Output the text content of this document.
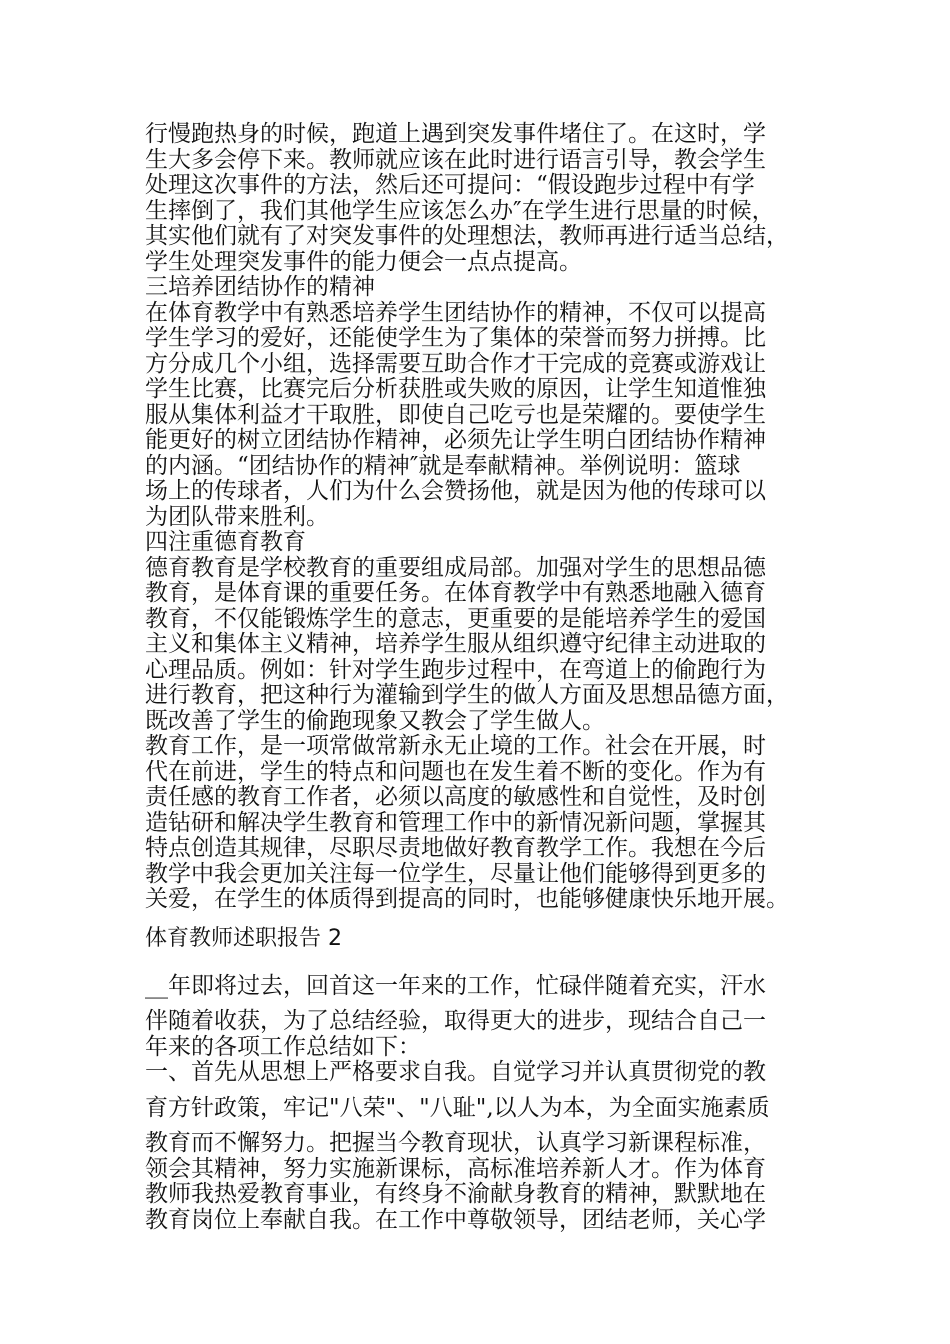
行慢跑热身的时候，跑道上遇到突发事件堵住了。在这时，学
生大多会停下来。教师就应该在此时进行语言引导，教会学生
处理这次事件的方法，然后还可提问：“假设跑步过程中有学
生摔倒了，我们其他学生应该怎么办″在学生进行思量的时候，
其实他们就有了对突发事件的处理想法，教师再进行适当总结，
学生处理突发事件的能力便会一点点提高。
三培养团结协作的精神
在体育教学中有熟悉培养学生团结协作的精神，不仅可以提高
学生学习的爱好，还能使学生为了集体的荣誉而努力拼搏。比
方分成几个小组，选择需要互助合作才干完成的竞赛或游戏让
学生比赛，比赛完后分析获胜或失败的原因，让学生知道惟独
服从集体利益才干取胜，即使自己吃亏也是荣耀的。要使学生
能更好的树立团结协作精神，必须先让学生明白团结协作精神
的内涵。“团结协作的精神″就是奉献精神。举例说明：篮球
场上的传球者，人们为什么会赞扬他，就是因为他的传球可以
为团队带来胜利。
四注重德育教育
德育教育是学校教育的重要组成局部。加强对学生的思想品德
教育，是体育课的重要任务。在体育教学中有熟悉地融入德育
教育，不仅能锻炼学生的意志，更重要的是能培养学生的爱国
主义和集体主义精神，培养学生服从组织遵守纪律主动进取的
心理品质。例如：针对学生跑步过程中，在弯道上的偷跑行为
进行教育，把这种行为灌输到学生的做人方面及思想品德方面，
既改善了学生的偷跑现象又教会了学生做人。
教育工作，是一项常做常新永无止境的工作。社会在开展，时
代在前进，学生的特点和问题也在发生着不断的变化。作为有
责任感的教育工作者，必须以高度的敏感性和自觉性，及时创
造钻研和解决学生教育和管理工作中的新情况新问题，掌握其
特点创造其规律，尽职尽责地做好教育教学工作。我想在今后
教学中我会更加关注每一位学生，尽量让他们能够得到更多的
关爱，在学生的体质得到提高的同时，也能够健康快乐地开展。
体育教师述职报告 2
__年即将过去，回首这一年来的工作，忙碌伴随着充实，汗水
伴随着收获，为了总结经验，取得更大的进步，现结合自己一
年来的各项工作总结如下：
一、首先从思想上严格要求自我。自觉学习并认真贯彻党的教
育方针政策，牢记"八荣"、"八耻",以人为本，为全面实施素质
教育而不懈努力。把握当今教育现状，认真学习新课程标准，
领会其精神，努力实施新课标，高标准培养新人才。作为体育
教师我热爱教育事业，有终身不渝献身教育的精神，默默地在
教育岗位上奉献自我。在工作中尊敬领导，团结老师，关心学
